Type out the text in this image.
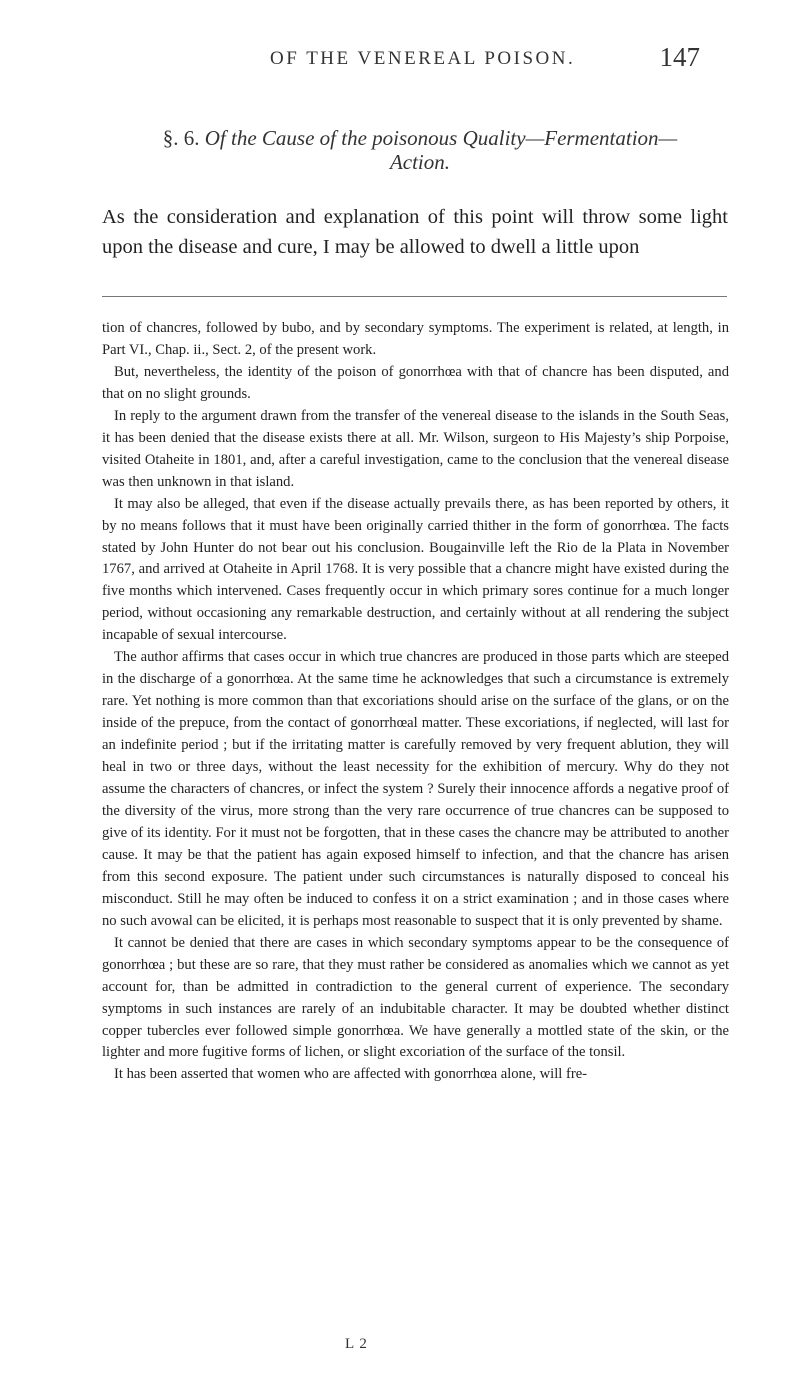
OF THE VENEREAL POISON.	147
§. 6. Of the Cause of the poisonous Quality—Fermentation—
Action.

As the consideration and explanation of this point will throw some light upon the disease and cure, I may be allowed to dwell a little upon

tion of chancres, followed by bubo, and by secondary symptoms. The experiment is related, at length, in Part VI., Chap. ii., Sect. 2, of the present work.

But, nevertheless, the identity of the poison of gonorrhœa with that of chancre has been disputed, and that on no slight grounds.

In reply to the argument drawn from the transfer of the venereal disease to the islands in the South Seas, it has been denied that the disease exists there at all. Mr. Wilson, surgeon to His Majesty’s ship Porpoise, visited Otaheite in 1801, and, after a careful investigation, came to the conclusion that the venereal disease was then unknown in that island.

It may also be alleged, that even if the disease actually prevails there, as has been reported by others, it by no means follows that it must have been originally carried thither in the form of gonorrhœa. The facts stated by John Hunter do not bear out his conclusion. Bougainville left the Rio de la Plata in November 1767, and arrived at Otaheite in April 1768. It is very possible that a chancre might have existed during the five months which intervened. Cases frequently occur in which primary sores continue for a much longer period, without occasioning any remarkable destruction, and certainly without at all rendering the subject incapable of sexual intercourse.

The author affirms that cases occur in which true chancres are produced in those parts which are steeped in the discharge of a gonorrhœa. At the same time he acknowledges that such a circumstance is extremely rare. Yet nothing is more common than that excoriations should arise on the surface of the glans, or on the inside of the prepuce, from the contact of gonorrhœal matter. These excoriations, if neglected, will last for an indefinite period ; but if the irritating matter is carefully removed by very frequent ablution, they will heal in two or three days, without the least necessity for the exhibition of mercury. Why do they not assume the characters of chancres, or infect the system ? Surely their innocence affords a negative proof of the diversity of the virus, more strong than the very rare occurrence of true chancres can be supposed to give of its identity. For it must not be forgotten, that in these cases the chancre may be attributed to another cause. It may be that the patient has again exposed himself to infection, and that the chancre has arisen from this second exposure. The patient under such circumstances is naturally disposed to conceal his misconduct. Still he may often be induced to confess it on a strict examination ; and in those cases where no such avowal can be elicited, it is perhaps most reasonable to suspect that it is only prevented by shame.

It cannot be denied that there are cases in which secondary symptoms appear to be the consequence of gonorrhœa ; but these are so rare, that they must rather be considered as anomalies which we cannot as yet account for, than be admitted in contradiction to the general current of experience. The secondary symptoms in such instances are rarely of an indubitable character. It may be doubted whether distinct copper tubercles ever followed simple gonorrhœa. We have generally a mottled state of the skin, or the lighter and more fugitive forms of lichen, or slight excoriation of the surface of the tonsil.

It has been asserted that women who are affected with gonorrhœa alone, will fre-

L 2
